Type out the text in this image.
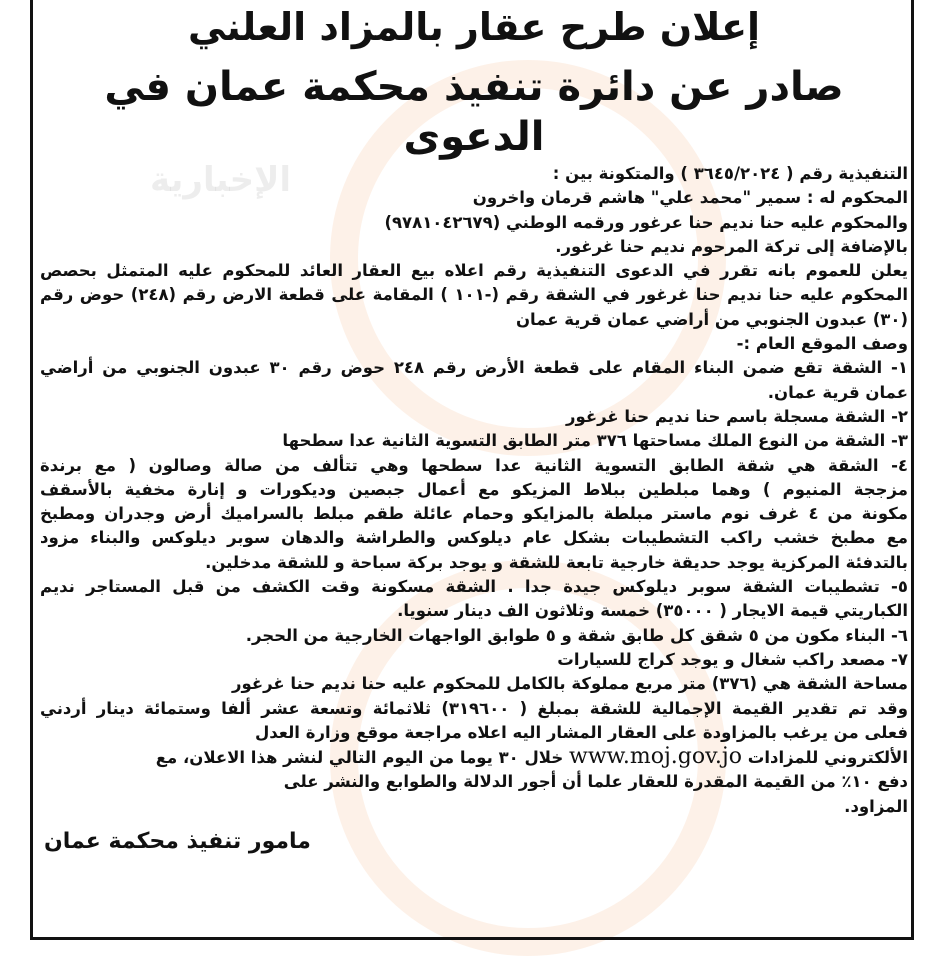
الإخبارية
إعلان طرح عقار بالمزاد العلني
صادر عن دائرة تنفيذ محكمة عمان في الدعوى
التنفيذية رقم ( ٣٦٤٥/٢٠٢٤ ) والمتكونة بين :
المحكوم له : سمير "محمد علي" هاشم قرمان واخرون
والمحكوم عليه حنا نديم حنا عرغور ورقمه الوطني (٩٧٨١٠٤٢٦٧٩)
بالإضافة إلى تركة المرحوم نديم حنا غرغور.
يعلن للعموم بانه تقرر في الدعوى التنفيذية رقم اعلاه بيع العقار العائد للمحكوم عليه المتمثل بحصص
المحكوم عليه حنا نديم حنا غرغور في الشقة رقم (-١٠١ ) المقامة على قطعة الارض رقم (٢٤٨) حوض رقم
(٣٠) عبدون الجنوبي من أراضي عمان قرية عمان
وصف الموقع العام :-
١- الشقة تقع ضمن البناء المقام على قطعة الأرض رقم ٢٤٨ حوض رقم ٣٠ عبدون الجنوبي من أراضي
عمان قرية عمان.
٢- الشقة مسجلة باسم حنا نديم حنا غرغور
٣- الشقة من النوع الملك مساحتها ٣٧٦ متر الطابق التسوية الثانية عدا سطحها
٤- الشقة هي شقة الطابق التسوية الثانية عدا سطحها وهي تتألف من صالة وصالون ( مع برندة
مزججة المنيوم ) وهما مبلطين ببلاط المزيكو مع أعمال جبصين وديكورات و إنارة مخفية بالأسقف
مكونة من ٤ غرف نوم ماستر مبلطة بالمزايكو وحمام عائلة طقم مبلط بالسراميك أرض وجدران ومطبخ
مع مطبخ خشب راكب التشطيبات بشكل عام ديلوكس والطراشة والدهان سوبر ديلوكس والبناء مزود
بالتدفئة المركزية يوجد حديقة خارجية تابعة للشقة و يوجد بركة سباحة و للشقة مدخلين.
٥- تشطيبات الشقة سوبر ديلوكس جيدة جدا . الشقة مسكونة وقت الكشف من قبل المستاجر نديم
الكباريتي قيمة الايجار ( ٣٥٠٠٠) خمسة وثلاثون الف دينار سنويا.
٦- البناء مكون من ٥ شقق كل طابق شقة و ٥ طوابق الواجهات الخارجية من الحجر.
٧- مصعد راكب شغال و يوجد كراج للسيارات
مساحة الشقة هي (٣٧٦) متر مربع مملوكة بالكامل للمحكوم عليه حنا نديم حنا غرغور
وقد تم تقدير القيمة الإجمالية للشقة بمبلغ ( ٣١٩٦٠٠) ثلاثمائة وتسعة عشر ألفا وستمائة دينار أردني
فعلى من يرغب بالمزاودة على العقار المشار اليه اعلاه مراجعة موقع وزارة العدل
الألكتروني للمزادات www.moj.gov.jo خلال ٣٠ يوما من اليوم التالي لنشر هذا الاعلان، مع
دفع ١٠٪ من القيمة المقدرة للعقار علما أن أجور الدلالة والطوابع والنشر على
المزاود.
مامور تنفيذ محكمة عمان
